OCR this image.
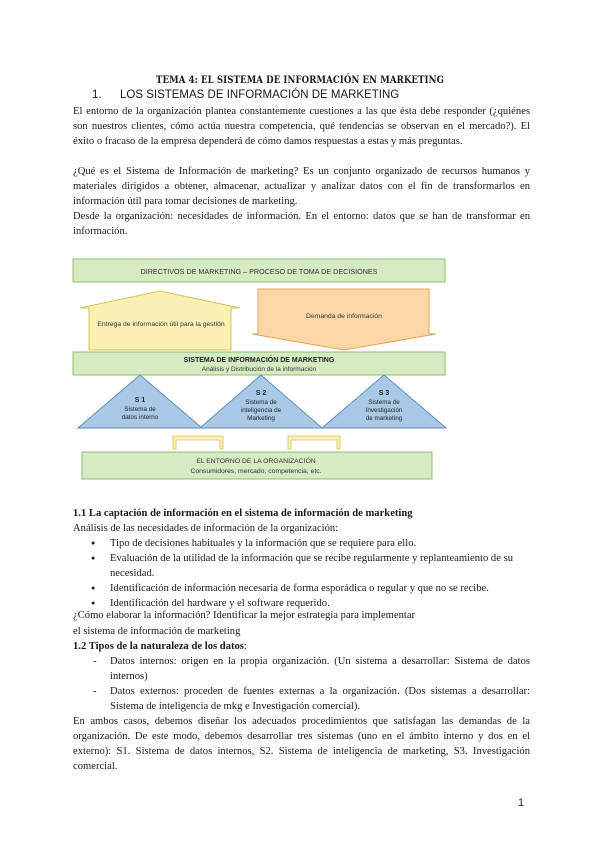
TEMA 4: EL SISTEMA DE INFORMACIÓN EN MARKETING
1. LOS SISTEMAS DE INFORMACIÓN DE MARKETING
El entorno de la organización plantea constantemente cuestiones a las que ésta debe responder (¿quiénes son nuestros clientes, cómo actúa nuestra competencia, qué tendencias se observan en el mercado?). El éxito o fracaso de la empresa dependerá de cómo damos respuestas a estas y más preguntas.
¿Qué es el Sistema de Información de marketing? Es un conjunto organizado de recursos humanos y materiales dirigidos a obtener, almacenar, actualizar y analizar datos con el fin de transformarlos en información útil para tomar decisiones de marketing.
Desde la organización: necesidades de información. En el entorno: datos que se han de transformar en información.
DIRECTIVOS DE MARKETING – PROCESO DE TOMA DE DECISIONES
Entrega de información útil para la gestión
Demanda de información
SISTEMA DE INFORMACIÓN DE MARKETING
Análisis y Distribución de la información
S 1
Sistema de
datos interno
S 2
Sistema de
inteligencia de
Marketing
S 3
Sistema de
Investigación
de marketing
EL ENTORNO DE LA ORGANIZACIÓN
Consumidores, mercado, competencia, etc.
1.1 La captación de información en el sistema de información de marketing
Análisis de las necesidades de información de la organización:
● Tipo de decisiones habituales y la información que se requiere para ello.
● Evaluación de la utilidad de la información que se recibe regularmente y replanteamiento de su necesidad.
● Identificación de información necesaria de forma esporádica o regular y que no se recibe.
● Identificación del hardware y el software requerido.
¿Cómo elaborar la información? Identificar la mejor estrategia para implementar
el sistema de información de marketing
1.2 Tipos de la naturaleza de los datos:
- Datos internos: origen en la propia organización. (Un sistema a desarrollar: Sistema de datos internos)
- Datos externos: proceden de fuentes externas a la organización. (Dos sistemas a desarrollar: Sistema de inteligencia de mkg e Investigación comercial).
En ambos casos, debemos diseñar los adecuados procedimientos que satisfagan las demandas de la organización. De este modo, debemos desarrollar tres sistemas (uno en el ámbito interno y dos en el externo): S1. Sistema de datos internos, S2. Sistema de inteligencia de marketing, S3. Investigación comercial.
1
